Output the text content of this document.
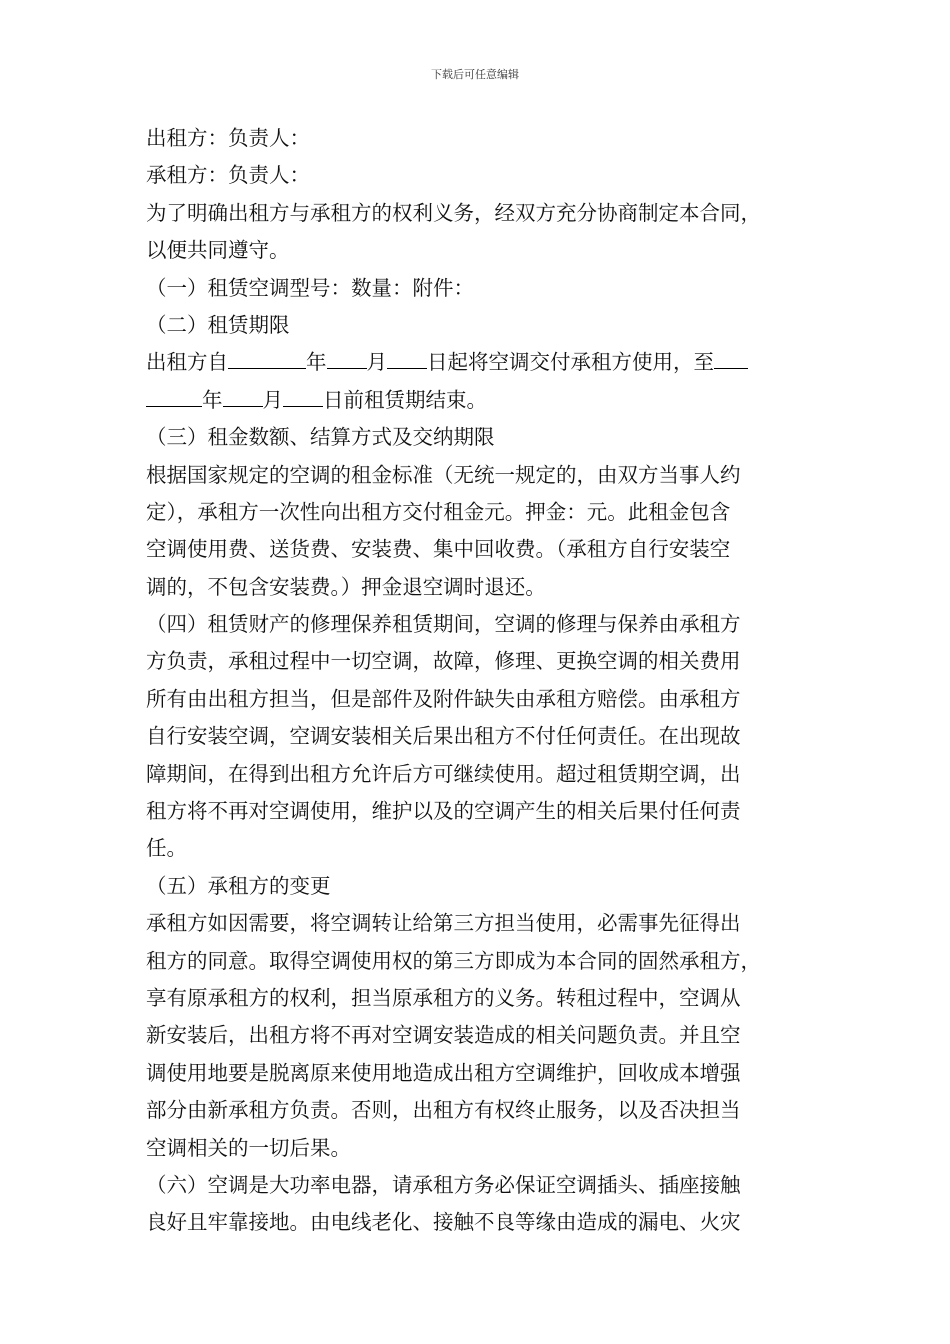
下载后可任意编辑
出租方：负责人：
承租方：负责人：
为了明确出租方与承租方的权利义务，经双方充分协商制定本合同，
以便共同遵守。
（一）租赁空调型号：数量：附件：
（二）租赁期限
出租方自	年 月 日起将空调交付承租方使用，至
年 月 日前租赁期结束。
（三）租金数额、结算方式及交纳期限
根据国家规定的空调的租金标准（无统一规定的，由双方当事人约
定），承租方一次性向出租方交付租金元。押金：元。此租金包含
空调使用费、送货费、安装费、集中回收费。（承租方自行安装空
调的，不包含安装费。）押金退空调时退还。
（四）租赁财产的修理保养租赁期间，空调的修理与保养由承租方
方负责，承租过程中一切空调，故障，修理、更换空调的相关费用
所有由出租方担当，但是部件及附件缺失由承租方赔偿。由承租方
自行安装空调，空调安装相关后果出租方不付任何责任。在出现故
障期间，在得到出租方允许后方可继续使用。超过租赁期空调，出
租方将不再对空调使用，维护以及的空调产生的相关后果付任何责
任。
（五）承租方的变更
承租方如因需要，将空调转让给第三方担当使用，必需事先征得出
租方的同意。取得空调使用权的第三方即成为本合同的固然承租方，
享有原承租方的权利，担当原承租方的义务。转租过程中，空调从
新安装后，出租方将不再对空调安装造成的相关问题负责。并且空
调使用地要是脱离原来使用地造成出租方空调维护，回收成本增强
部分由新承租方负责。否则，出租方有权终止服务，以及否决担当
空调相关的一切后果。
（六）空调是大功率电器，请承租方务必保证空调插头、插座接触
良好且牢靠接地。由电线老化、接触不良等缘由造成的漏电、火灾
